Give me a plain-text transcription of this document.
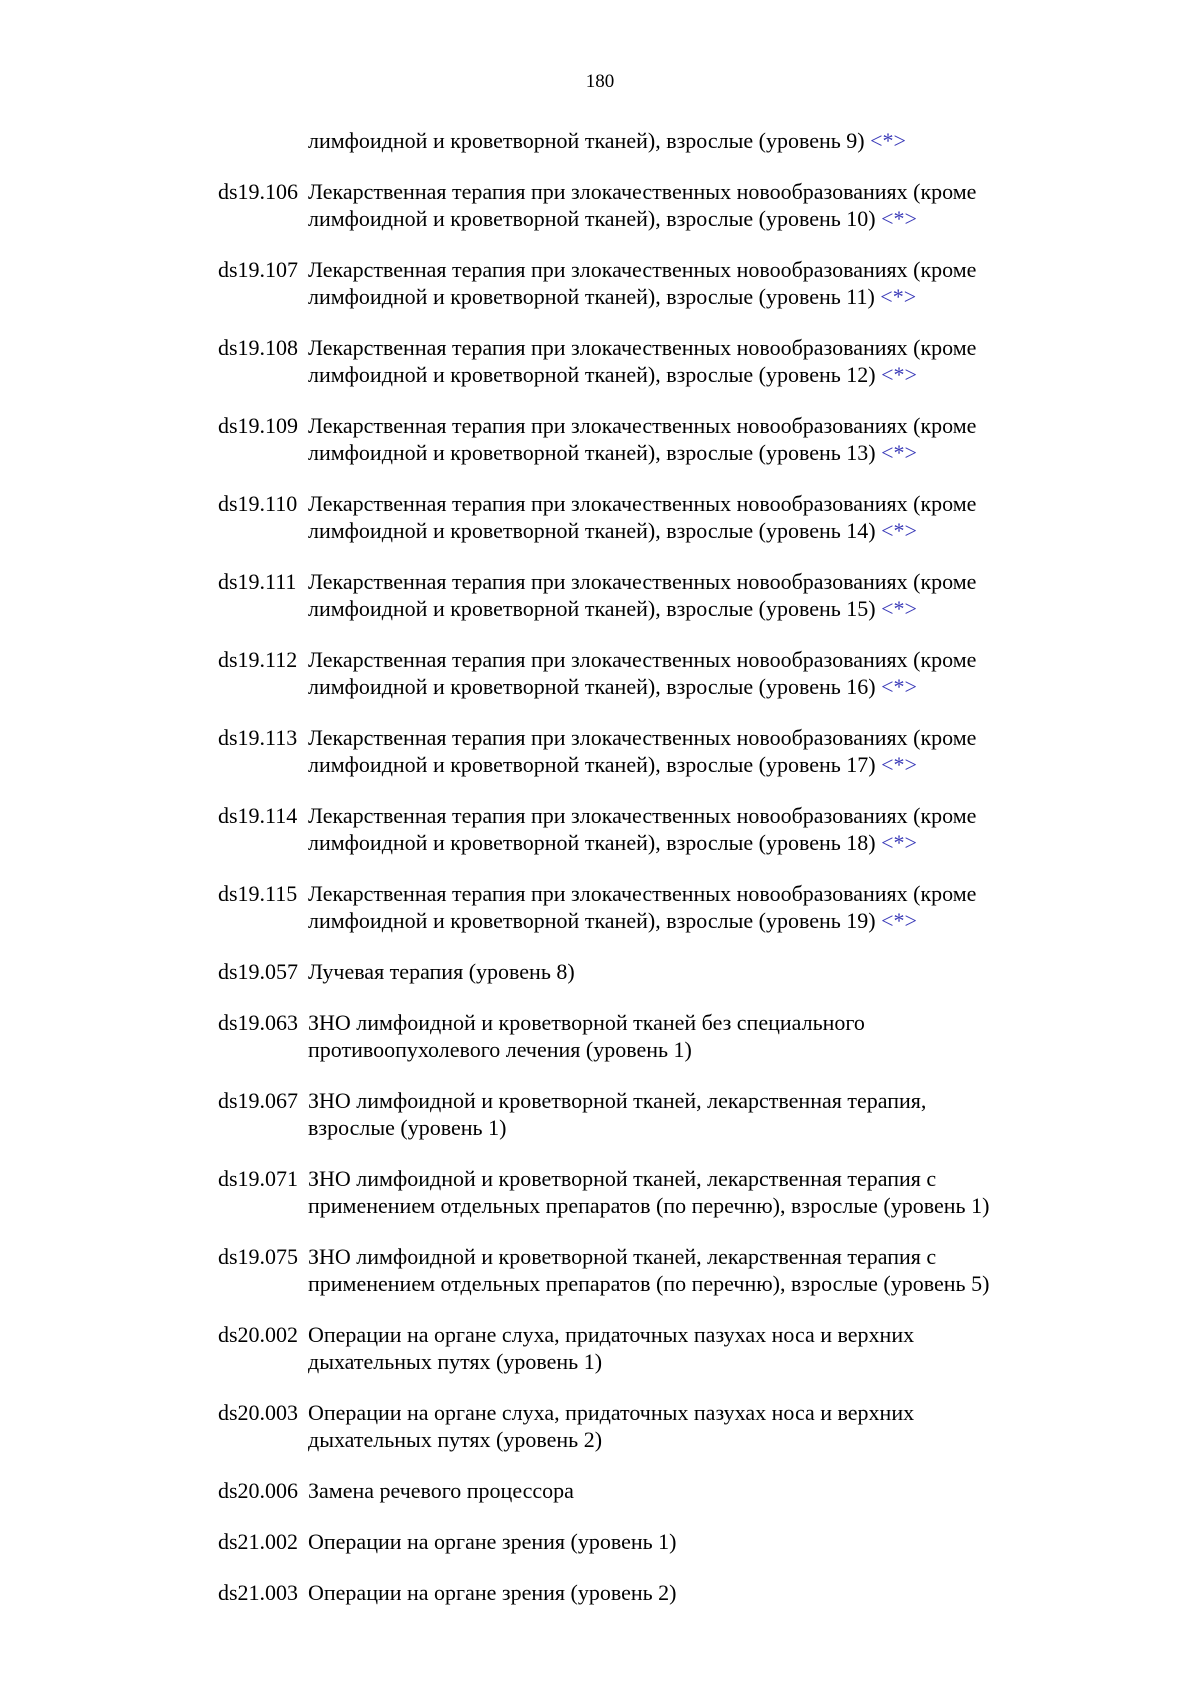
180
лимфоидной и кроветворной тканей), взрослые (уровень 9) <*>
ds19.106 Лекарственная терапия при злокачественных новообразованиях (кроме
лимфоидной и кроветворной тканей), взрослые (уровень 10) <*>
ds19.107 Лекарственная терапия при злокачественных новообразованиях (кроме
лимфоидной и кроветворной тканей), взрослые (уровень 11) <*>
ds19.108 Лекарственная терапия при злокачественных новообразованиях (кроме
лимфоидной и кроветворной тканей), взрослые (уровень 12) <*>
ds19.109 Лекарственная терапия при злокачественных новообразованиях (кроме
лимфоидной и кроветворной тканей), взрослые (уровень 13) <*>
ds19.110 Лекарственная терапия при злокачественных новообразованиях (кроме
лимфоидной и кроветворной тканей), взрослые (уровень 14) <*>
ds19.111 Лекарственная терапия при злокачественных новообразованиях (кроме
лимфоидной и кроветворной тканей), взрослые (уровень 15) <*>
ds19.112 Лекарственная терапия при злокачественных новообразованиях (кроме
лимфоидной и кроветворной тканей), взрослые (уровень 16) <*>
ds19.113 Лекарственная терапия при злокачественных новообразованиях (кроме
лимфоидной и кроветворной тканей), взрослые (уровень 17) <*>
ds19.114 Лекарственная терапия при злокачественных новообразованиях (кроме
лимфоидной и кроветворной тканей), взрослые (уровень 18) <*>
ds19.115 Лекарственная терапия при злокачественных новообразованиях (кроме
лимфоидной и кроветворной тканей), взрослые (уровень 19) <*>
ds19.057 Лучевая терапия (уровень 8)
ds19.063 ЗНО лимфоидной и кроветворной тканей без специального
противоопухолевого лечения (уровень 1)
ds19.067 ЗНО лимфоидной и кроветворной тканей, лекарственная терапия,
взрослые (уровень 1)
ds19.071 ЗНО лимфоидной и кроветворной тканей, лекарственная терапия с
применением отдельных препаратов (по перечню), взрослые (уровень 1)
ds19.075 ЗНО лимфоидной и кроветворной тканей, лекарственная терапия с
применением отдельных препаратов (по перечню), взрослые (уровень 5)
ds20.002 Операции на органе слуха, придаточных пазухах носа и верхних
дыхательных путях (уровень 1)
ds20.003 Операции на органе слуха, придаточных пазухах носа и верхних
дыхательных путях (уровень 2)
ds20.006 Замена речевого процессора
ds21.002 Операции на органе зрения (уровень 1)
ds21.003 Операции на органе зрения (уровень 2)
